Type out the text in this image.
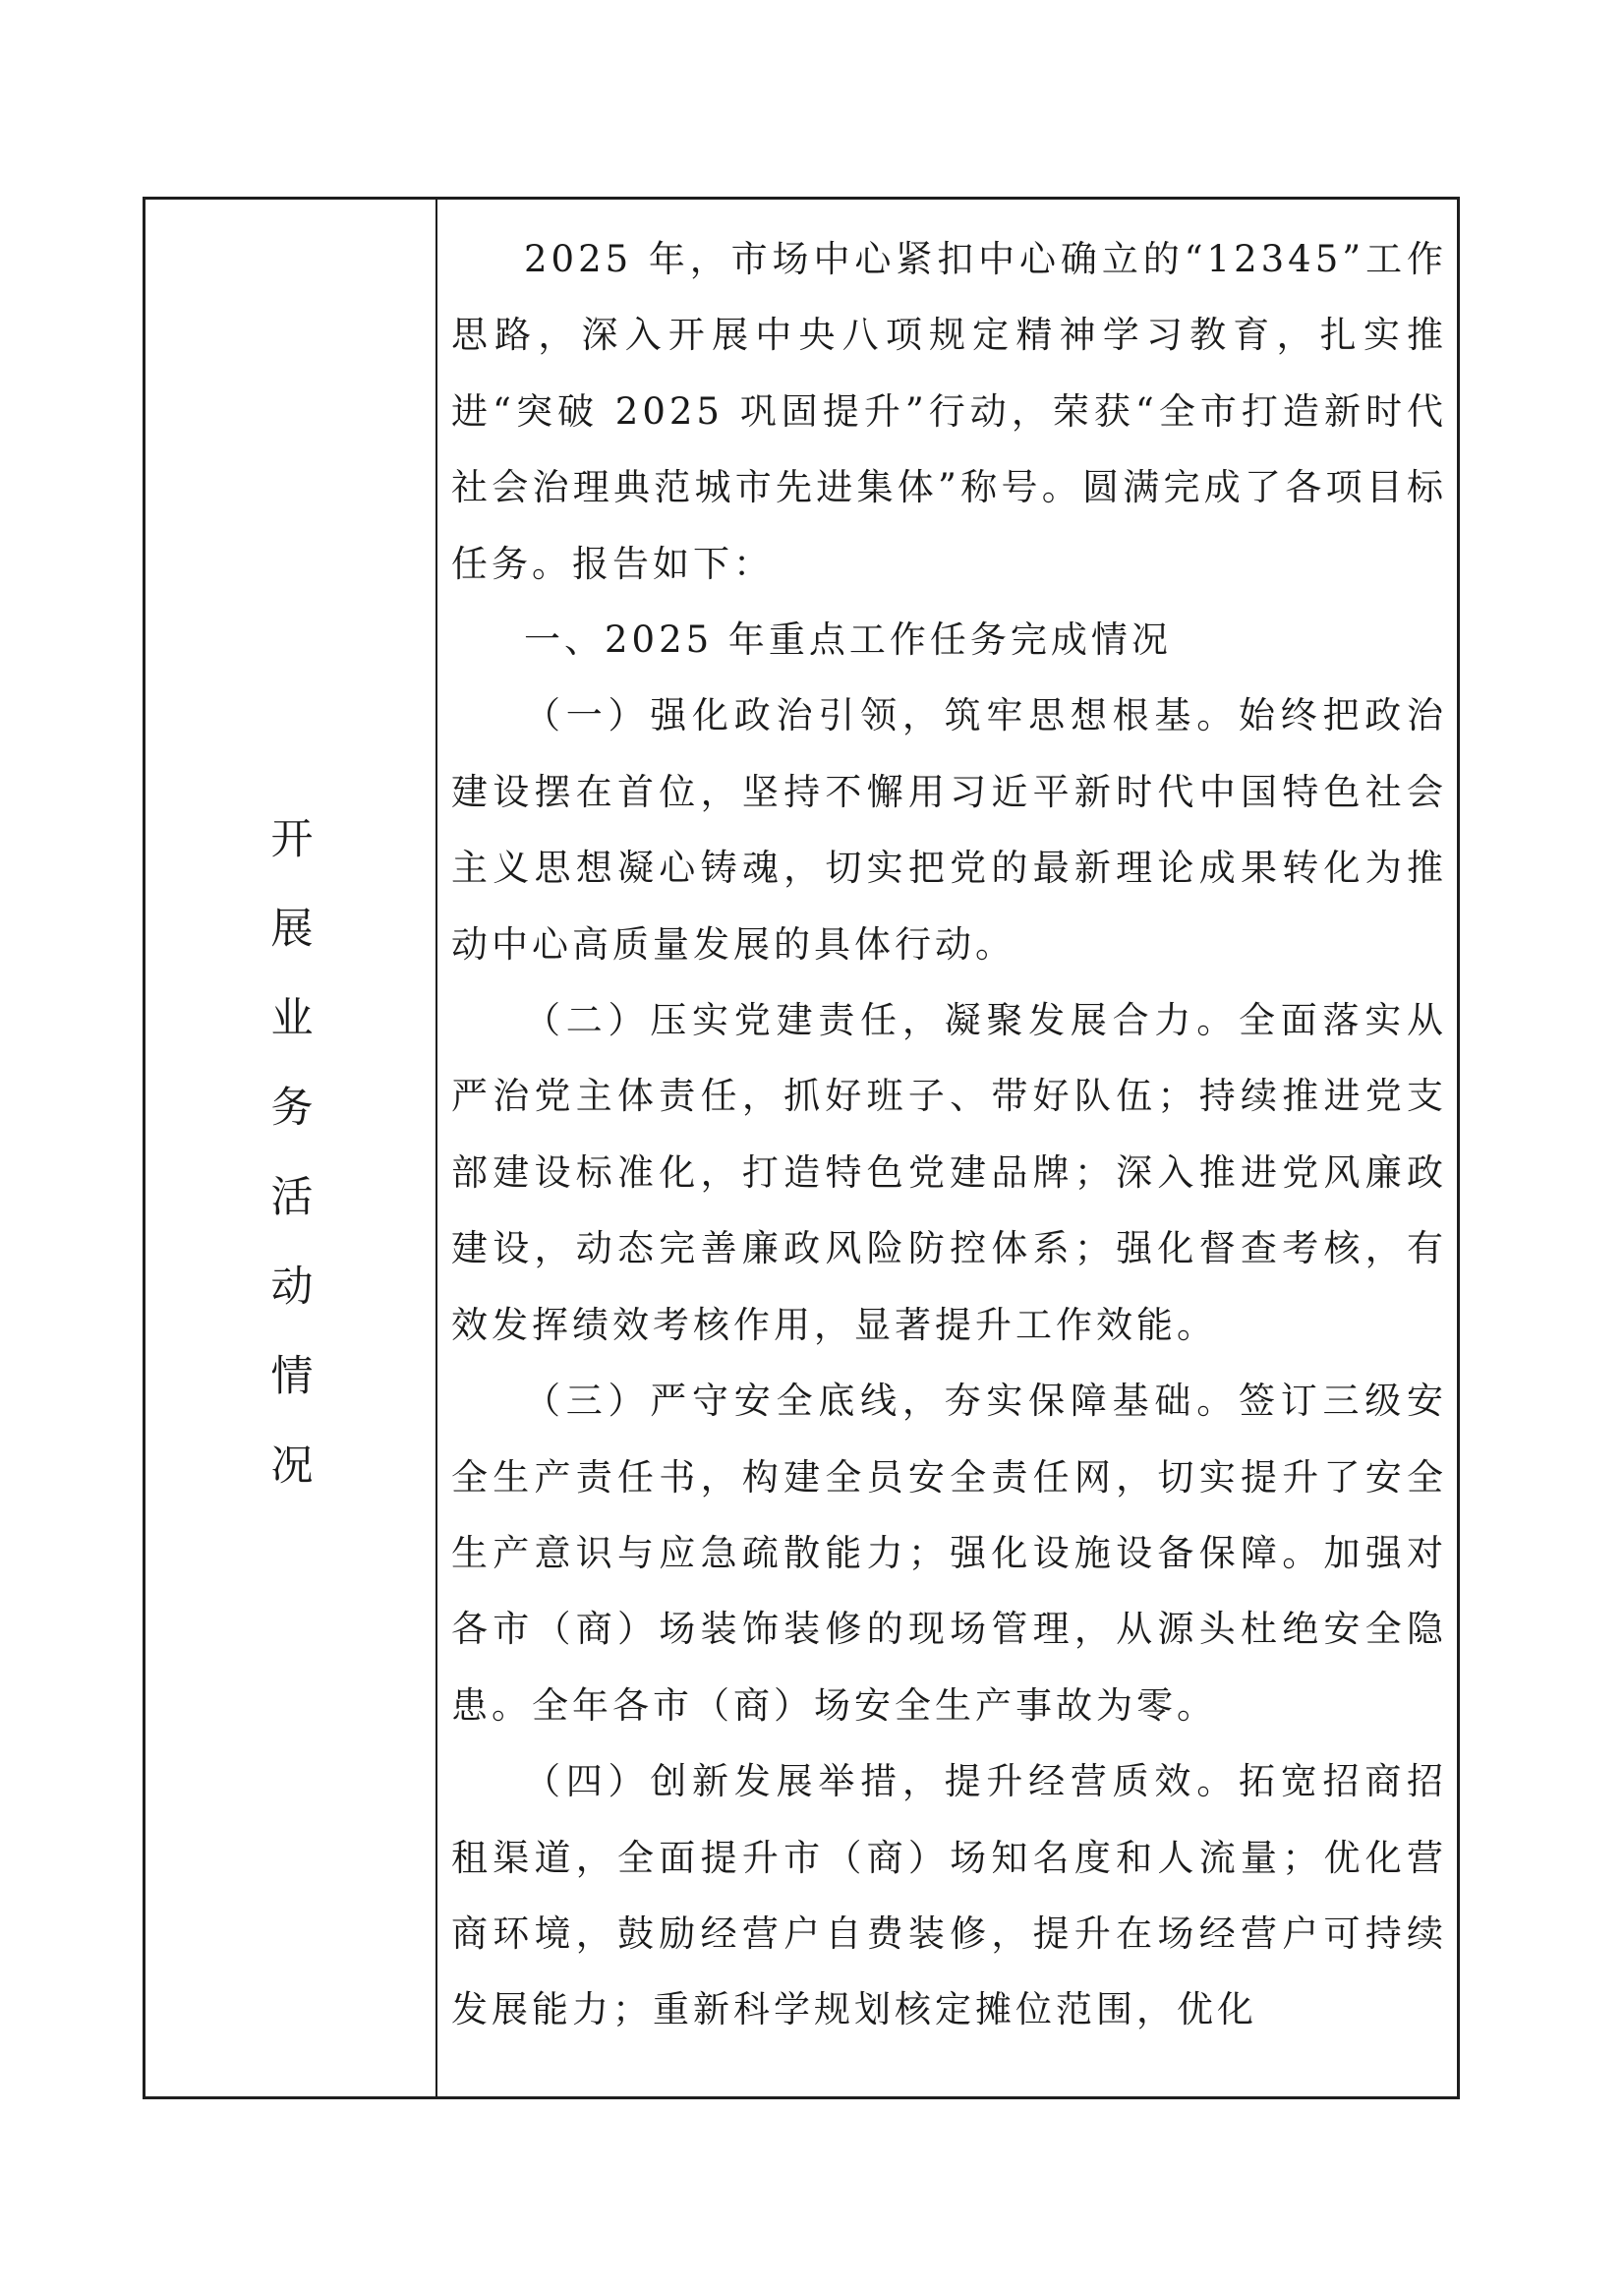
开
展
业
务
活
动
情
况

2025 年，市场中心紧扣中心确立的“12345”工作思路，深入开展中央八项规定精神学习教育，扎实推进“突破 2025 巩固提升”行动，荣获“全市打造新时代社会治理典范城市先进集体”称号。圆满完成了各项目标任务。报告如下：

一、2025 年重点工作任务完成情况

（一）强化政治引领，筑牢思想根基。始终把政治建设摆在首位，坚持不懈用习近平新时代中国特色社会主义思想凝心铸魂，切实把党的最新理论成果转化为推动中心高质量发展的具体行动。

（二）压实党建责任，凝聚发展合力。全面落实从严治党主体责任，抓好班子、带好队伍；持续推进党支部建设标准化，打造特色党建品牌；深入推进党风廉政建设，动态完善廉政风险防控体系；强化督查考核，有效发挥绩效考核作用，显著提升工作效能。

（三）严守安全底线，夯实保障基础。签订三级安全生产责任书，构建全员安全责任网，切实提升了安全生产意识与应急疏散能力；强化设施设备保障。加强对各市（商）场装饰装修的现场管理，从源头杜绝安全隐患。全年各市（商）场安全生产事故为零。

（四）创新发展举措，提升经营质效。拓宽招商招租渠道，全面提升市（商）场知名度和人流量；优化营商环境，鼓励经营户自费装修，提升在场经营户可持续发展能力；重新科学规划核定摊位范围，优化
